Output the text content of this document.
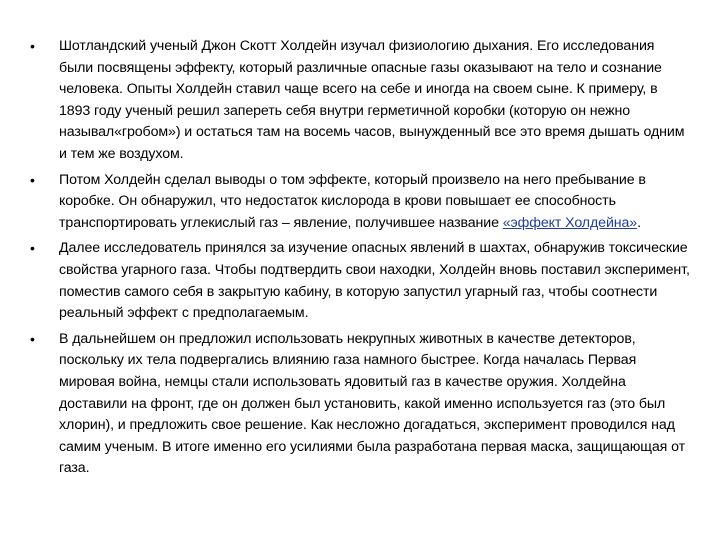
•	Шотландский ученый Джон Скотт Холдейн изучал физиологию дыхания. Его исследования были посвящены эффекту, который различные опасные газы оказывают на тело и сознание человека. Опыты Холдейн ставил чаще всего на себе и иногда на своем сыне. К примеру, в 1893 году ученый решил запереть себя внутри герметичной коробки (которую он нежно называл«гробом») и остаться там на восемь часов, вынужденный все это время дышать одним и тем же воздухом.
•	Потом Холдейн сделал выводы о том эффекте, который произвело на него пребывание в коробке. Он обнаружил, что недостаток кислорода в крови повышает ее способность транспортировать углекислый газ – явление, получившее название «эффект Холдейна».
•	Далее исследователь принялся за изучение опасных явлений в шахтах, обнаружив токсические свойства угарного газа. Чтобы подтвердить свои находки, Холдейн вновь поставил эксперимент, поместив самого себя в закрытую кабину, в которую запустил угарный газ, чтобы соотнести реальный эффект с предполагаемым.
•	В дальнейшем он предложил использовать некрупных животных в качестве детекторов, поскольку их тела подвергались влиянию газа намного быстрее. Когда началась Первая мировая война, немцы стали использовать ядовитый газ в качестве оружия. Холдейна доставили на фронт, где он должен был установить, какой именно используется газ (это был хлорин), и предложить свое решение. Как несложно догадаться, эксперимент проводился над самим ученым. В итоге именно его усилиями была разработана первая маска, защищающая от газа.
